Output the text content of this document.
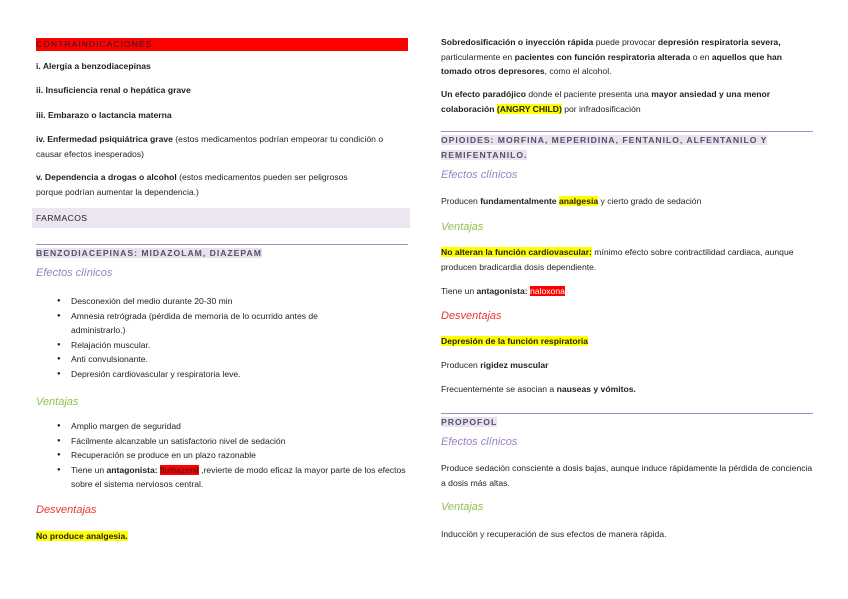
CONTRAINDICACIONES

i. Alergia a benzodiacepinas

ii. Insuficiencia renal o hepática grave

iii. Embarazo o lactancia materna

iv. Enfermedad psiquiátrica grave (estos medicamentos podrían empeorar tu condición o causar efectos inesperados)

v. Dependencia a drogas o alcohol (estos medicamentos pueden ser peligrosos porque podrían aumentar la dependencia.)

FARMACOS
BENZODIACEPINAS: MIDAZOLAM, DIAZEPAM
Efectos clínicos
● Desconexión del medio durante 20-30 min
● Amnesia retrógrada (pérdida de memoria de lo ocurrido antes de administrarlo.)
● Relajación muscular.
● Anti convulsionante.
● Depresión cardiovascular y respiratoria leve.
Ventajas
● Amplio margen de seguridad
● Fácilmente alcanzable un satisfactorio nivel de sedación
● Recuperación se produce en un plazo razonable
● Tiene un antagonista: flumazenil ,revierte de modo eficaz la mayor parte de los efectos sobre el sistema nerviosos central.
Desventajas

No produce analgesia.

Sobredosificación o inyección rápida puede provocar depresión respiratoria severa, particularmente en pacientes con función respiratoria alterada o en aquellos que han tomado otros depresores, como el alcohol.

Un efecto paradójico donde el paciente presenta una mayor ansiedad y una menor colaboración (ANGRY CHILD) por infradosificación

OPIOIDES: MORFINA, MEPERIDINA, FENTANILO, ALFENTANILO Y
REMIFENTANILO.
Efectos clínicos

Producen fundamentalmente analgesia y cierto grado de sedación

Ventajas

No alteran la función cardiovascular: mínimo efecto sobre contractilidad cardiaca, aunque producen bradicardia dosis dependiente.

Tiene un antagonista: naloxona

Desventajas

Depresión de la función respiratoria

Producen rigidez muscular

Frecuentemente se asocian a nauseas y vómitos.

PROPOFOL
Efectos clínicos

Produce sedación consciente a dosis bajas, aunque induce rápidamente la pérdida de conciencia a dosis más altas.

Ventajas

Inducción y recuperación de sus efectos de manera rápida.
